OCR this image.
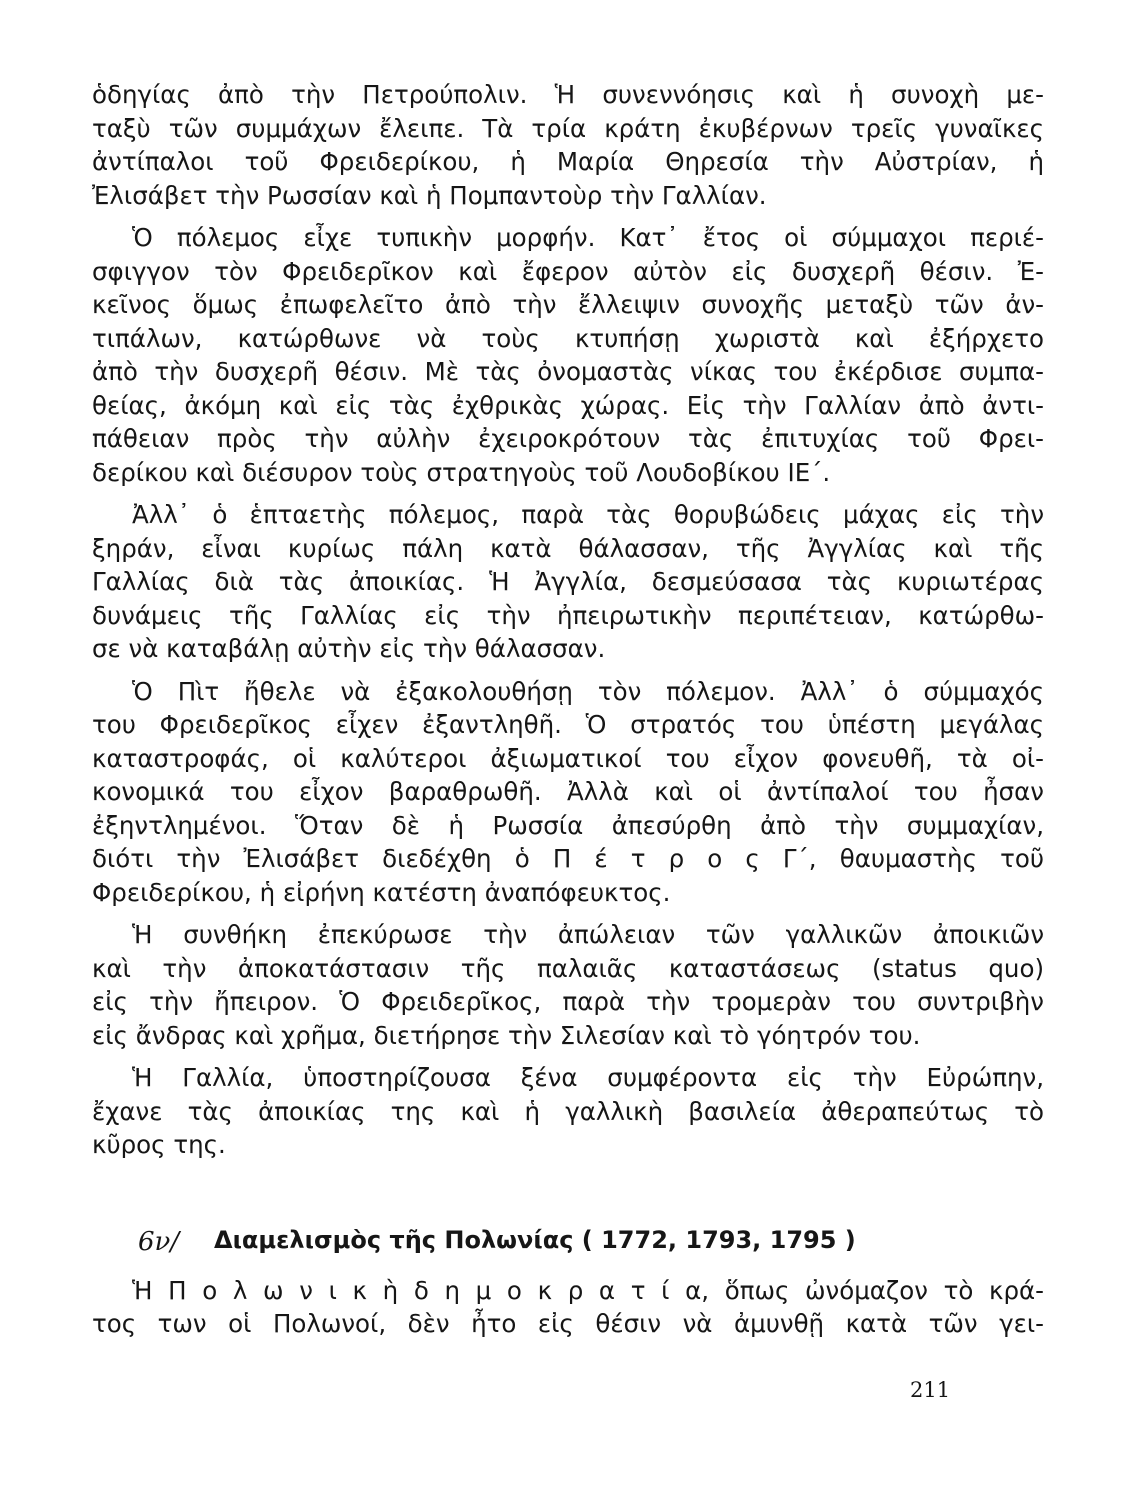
ὁδηγίας ἀπὸ τὴν Πετρούπολιν. Ἡ συνεννόησις καὶ ἡ συνοχὴ με-
ταξὺ τῶν συμμάχων ἔλειπε. Τὰ τρία κράτη ἐκυβέρνων τρεῖς γυναῖκες
ἀντίπαλοι τοῦ Φρειδερίκου, ἡ Μαρία Θηρεσία τὴν Αὐστρίαν, ἡ
Ἐλισάβετ τὴν Ρωσσίαν καὶ ἡ Πομπαντοὺρ τὴν Γαλλίαν.
Ὁ πόλεμος εἶχε τυπικὴν μορφήν. Κατ᾽ ἔτος οἱ σύμμαχοι περιέ-
σφιγγον τὸν Φρειδερῖκον καὶ ἔφερον αὐτὸν εἰς δυσχερῆ θέσιν. Ἐ-
κεῖνος ὅμως ἐπωφελεῖτο ἀπὸ τὴν ἔλλειψιν συνοχῆς μεταξὺ τῶν ἀν-
τιπάλων, κατώρθωνε νὰ τοὺς κτυπήσῃ χωριστὰ καὶ ἐξήρχετο
ἀπὸ τὴν δυσχερῆ θέσιν. Μὲ τὰς ὀνομαστὰς νίκας του ἐκέρδισε συμπα-
θείας, ἀκόμη καὶ εἰς τὰς ἐχθρικὰς χώρας. Εἰς τὴν Γαλλίαν ἀπὸ ἀντι-
πάθειαν πρὸς τὴν αὐλὴν ἐχειροκρότουν τὰς ἐπιτυχίας τοῦ Φρει-
δερίκου καὶ διέσυρον τοὺς στρατηγοὺς τοῦ Λουδοβίκου ΙΕ΄.
Ἀλλ᾽ ὁ ἑπταετὴς πόλεμος, παρὰ τὰς θορυβώδεις μάχας εἰς τὴν
ξηράν, εἶναι κυρίως πάλη κατὰ θάλασσαν, τῆς Ἀγγλίας καὶ τῆς
Γαλλίας διὰ τὰς ἀποικίας. Ἡ Ἀγγλία, δεσμεύσασα τὰς κυριωτέρας
δυνάμεις τῆς Γαλλίας εἰς τὴν ἠπειρωτικὴν περιπέτειαν, κατώρθω-
σε νὰ καταβάλῃ αὐτὴν εἰς τὴν θάλασσαν.
Ὁ Πὶτ ἤθελε νὰ ἐξακολουθήσῃ τὸν πόλεμον. Ἀλλ᾽ ὁ σύμμαχός
του Φρειδερῖκος εἶχεν ἐξαντληθῆ. Ὁ στρατός του ὑπέστη μεγάλας
καταστροφάς, οἱ καλύτεροι ἀξιωματικοί του εἶχον φονευθῆ, τὰ οἰ-
κονομικά του εἶχον βαραθρωθῆ. Ἀλλὰ καὶ οἱ ἀντίπαλοί του ἦσαν
ἐξηντλημένοι. Ὅταν δὲ ἡ Ρωσσία ἀπεσύρθη ἀπὸ τὴν συμμαχίαν,
διότι τὴν Ἐλισάβετ διεδέχθη ὁ Π έ τ ρ ο ς Γ΄, θαυμαστὴς τοῦ
Φρειδερίκου, ἡ εἰρήνη κατέστη ἀναπόφευκτος.
Ἡ συνθήκη ἐπεκύρωσε τὴν ἀπώλειαν τῶν γαλλικῶν ἀποικιῶν
καὶ τὴν ἀποκατάστασιν τῆς παλαιᾶς καταστάσεως (status quo)
εἰς τὴν ἤπειρον. Ὁ Φρειδερῖκος, παρὰ τὴν τρομερὰν του συντριβὴν
εἰς ἄνδρας καὶ χρῆμα, διετήρησε τὴν Σιλεσίαν καὶ τὸ γόητρόν του.
Ἡ Γαλλία, ὑποστηρίζουσα ξένα συμφέροντα εἰς τὴν Εὐρώπην,
ἔχανε τὰς ἀποικίας της καὶ ἡ γαλλικὴ βασιλεία ἀθεραπεύτως τὸ
κῦρος της.
6ν/ Διαμελισμὸς τῆς Πολωνίας ( 1772, 1793, 1795 )
Ἡ Π ο λ ω ν ι κ ὴ δ η μ ο κ ρ α τ ί α, ὅπως ὠνόμαζον τὸ κρά-
τος των οἱ Πολωνοί, δὲν ἦτο εἰς θέσιν νὰ ἀμυνθῇ κατὰ τῶν γει-
211
